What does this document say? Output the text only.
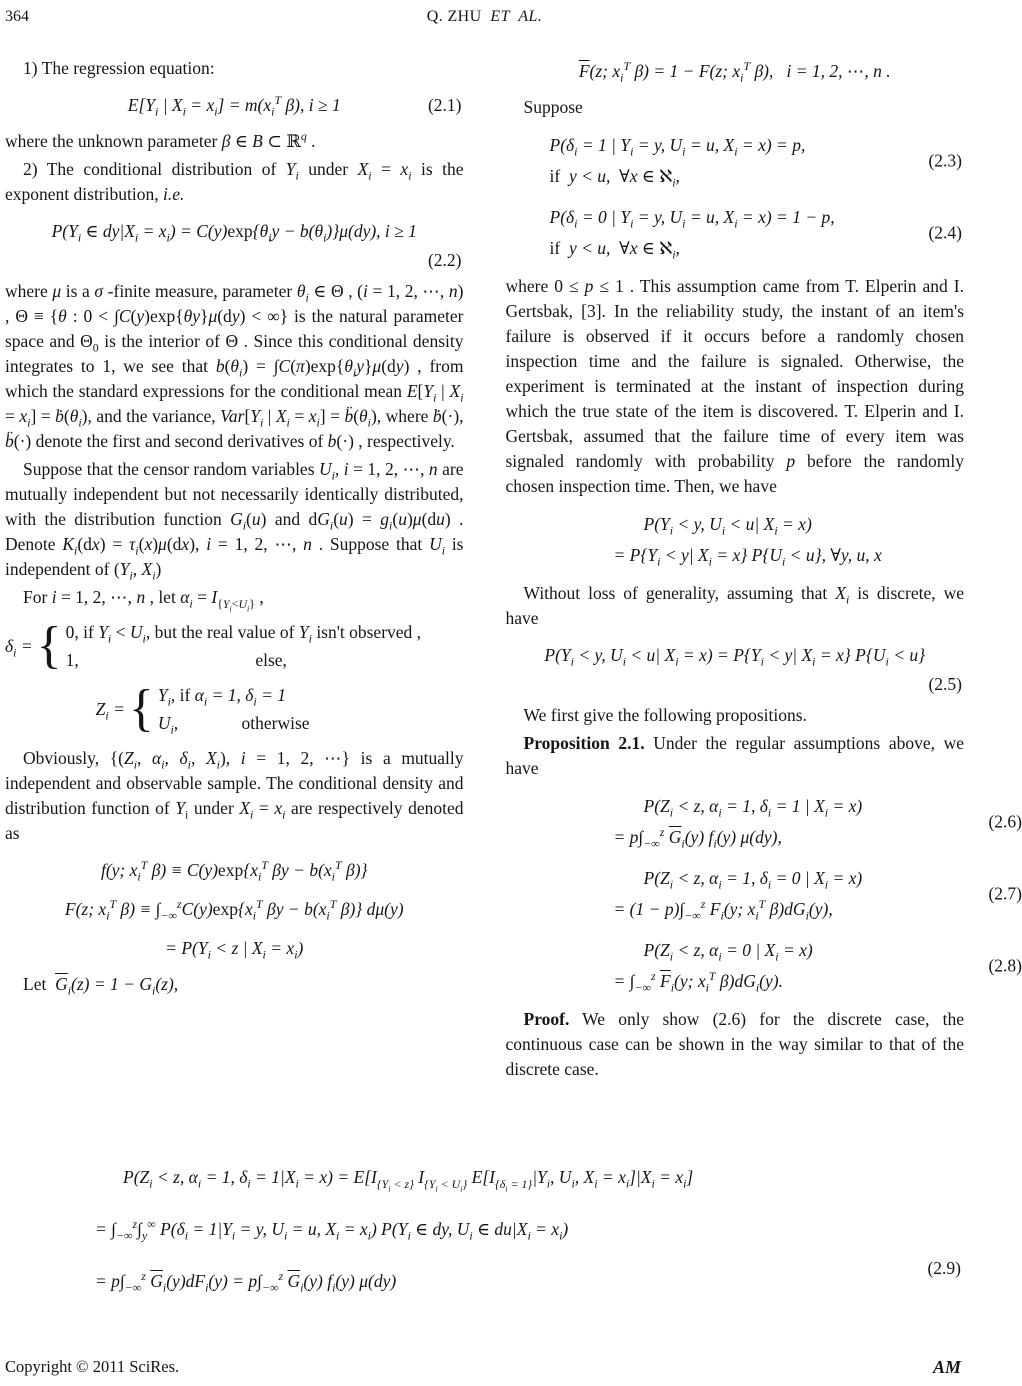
364	Q. ZHU  ET  AL.

1) The regression equation:

$E[Y_i$ | $X_i = x_i] = m(x_i^T$ β), i ≥ 1	(2.1)

where the unknown parameter β ∈ B ⊂ ℝ$^q$ .

2) The conditional distribution of $Y_i$ under $X_i = x_i$ is the exponent distribution, i.e.

$P(Y_i$ ∈ $dy|X_i = x_i) = C(y)\exp\{\theta_iy - b(\theta_i)\}\mu(dy)$, i ≥ 1
(2.2)

where μ is a σ -finite measure, parameter $\theta_i$ ∈ Θ , (i = 1, 2, ⋯, n) , Θ ≡ {θ : 0 < ∫C(y)exp{θy}μ(dy) < ∞} is the natural parameter space and $\Theta_0$ is the interior of Θ . Since this conditional density integrates to 1, we see that $b(\theta_i) = \int C(\pi)\exp\{\theta_iy\}\mu(dy)$ , from which the standard expressions for the conditional mean $E[Y_i$ | $X_i = x_i$] = $ḃ(\theta_i)$, and the variance, $Var[Y_i$ | $X_i = x_i$] = $b̈(\theta_i)$, where ḃ(·), b̈(·) denote the first and second derivatives of b(·) , respectively.

Suppose that the censor random variables $U_i$, i = 1, 2, ⋯, n are mutually independent but not necessarily identically distributed, with the distribution function $G_i(u)$ and $dG_i(u) = g_i(u)\mu(du)$ . Denote $K_i(dx) = \tau_i(x)\mu(dx)$, i = 1, 2, ⋯, n . Suppose that $U_i$ is independent of ($Y_i$, $X_i$)

For i = 1, 2, ⋯, n , let $\alpha_i = I_{\{Y_i<U_i\}}$ ,

$\delta_i$ = { 0, if $Y_i < U_i$, but the real value of $Y_i$ isn't observed ,
1,	else,
$Z_i$ = { $Y_i$, if $\alpha_i = 1$, $\delta_i = 1$
$U_i$,	otherwise

Obviously, {($Z_i$, $\alpha_i$, $\delta_i$, $X_i$), i = 1, 2, ⋯} is a mutually independent and observable sample. The conditional density and distribution function of $Y_i$ under $X_i = x_i$ are respectively denoted as

f(y; $x_i^T$ $\beta) \equiv C(y)\exp\{x_i^T$ $\beta y - b(x_i^T$ β)}
F(z; $x_i^T$ $\beta) \equiv \int_{-\infty}^zC(y)\exp\{x_i^T$ $\beta y - b(x_i^T$ β)} dμ(y)
= $P(Y_i < z$ | $X_i = x_i$)

Let  $\overline{G}_i(z) = 1 - G_i(z)$,

$\overline{F}(z$; $x_i^T$ β) = 1 − F(z; $x_i^T$ β),   i = 1, 2, ⋯, n .

Suppose

$P(\delta_i = 1$ | $Y_i = y$, $U_i = u$, $X_i = x) = p$,
if  y < u,  ∀x ∈ ℵ$_i$,
(2.3)
$P(\delta_i = 0$ | $Y_i = y$, $U_i = u$, $X_i = x) = 1 - p$,
if  y < u,  ∀x ∈ ℵ$_i$,
(2.4)

where 0 ≤ p ≤ 1 . This assumption came from T. Elperin and I. Gertsbak, [3]. In the reliability study, the instant of an item's failure is observed if it occurs before a randomly chosen inspection time and the failure is signaled. Otherwise, the experiment is terminated at the instant of inspection during which the true state of the item is discovered. T. Elperin and I. Gertsbak, assumed that the failure time of every item was signaled randomly with probability p before the randomly chosen inspection time. Then, we have

$P(Y_i < y$, $U_i < u|$ $X_i = x$)
= $P\{Y_i < y|$ $X_i = x$} $P\{U_i < u\}$, ∀y, u, x

Without loss of generality, assuming that $X_i$ is discrete, we have

$P(Y_i < y$, $U_i < u|$ $X_i = x) = P\{Y_i < y|$ $X_i = x$} $P\{U_i < u\}$
(2.5)

We first give the following propositions.

Proposition 2.1. Under the regular assumptions above, we have

$P(Z_i < z$, $\alpha_i = 1$, $\delta_i = 1$ | $X_i = x$)
= $p\int_{-\infty}^z$ $\overline{G}_i(y)$ $f_i(y)$ μ(dy),
(2.6)
$P(Z_i < z$, $\alpha_i = 1$, $\delta_i = 0$ | $X_i = x$)
= $(1 - p)\int_{-\infty}^z$ $F_i(y$; $x_i^T$ $\beta)dG_i(y)$,
(2.7)
$P(Z_i < z$, $\alpha_i = 0$ | $X_i = x$)
= $\int_{-\infty}^z$ $\overline{F}_i(y$; $x_i^T$ $\beta)dG_i(y)$.
(2.8)

Proof. We only show (2.6) for the discrete case, the continuous case can be shown in the way similar to that of the discrete case.

$P(Z_i < z$, $\alpha_i = 1$, $\delta_i = 1|X_i = x) = E[I_{\{Y_i < z\}}$ $I_{\{Y_i < U_i\}}$ $E[I_{\{\delta_i = 1\}}|Y_i$, $U_i$, $X_i = x_i]|X_i = x_i$]
= $\int_{-\infty}^z\int_y^\infty$ $P(\delta_i = 1|Y_i = y$, $U_i = u$, $X_i = x_i$) $P(Y_i$ ∈ dy, $U_i$ ∈ $du|X_i = x_i$)
= $p\int_{-\infty}^z$ $\overline{G}_i(y)dF_i(y) = p\int_{-\infty}^z$ $\overline{G}_i(y)$ $f_i(y)$ μ(dy)
(2.9)
Copyright © 2011 SciRes.	AM
